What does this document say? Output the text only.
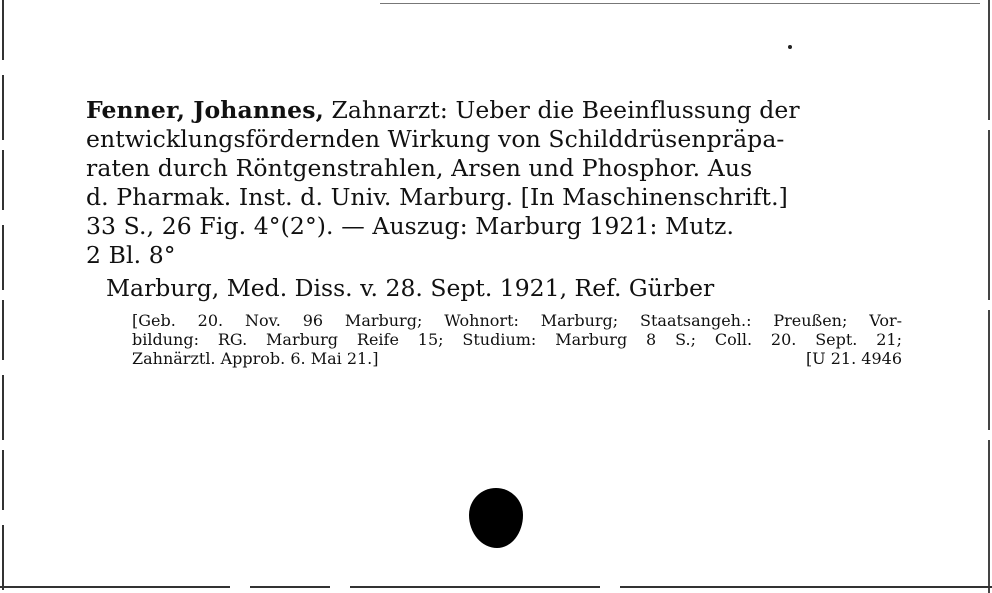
Fenner, Johannes, Zahnarzt: Ueber die Beeinflussung der
entwicklungsfördernden Wirkung von Schilddrüsenpräpa-
raten durch Röntgenstrahlen, Arsen und Phosphor. Aus
d. Pharmak. Inst. d. Univ. Marburg. [In Maschinenschrift.]
33 S., 26 Fig. 4°(2°). — Auszug: Marburg 1921: Mutz.
2 Bl. 8°

Marburg, Med. Diss. v. 28. Sept. 1921, Ref. Gürber
[Geb. 20. Nov. 96 Marburg; Wohnort: Marburg; Staatsangeh.: Preußen; Vor-
bildung: RG. Marburg Reife 15; Studium: Marburg 8 S.; Coll. 20. Sept. 21;
Zahnärztl. Approb. 6. Mai 21.]	[U 21. 4946
